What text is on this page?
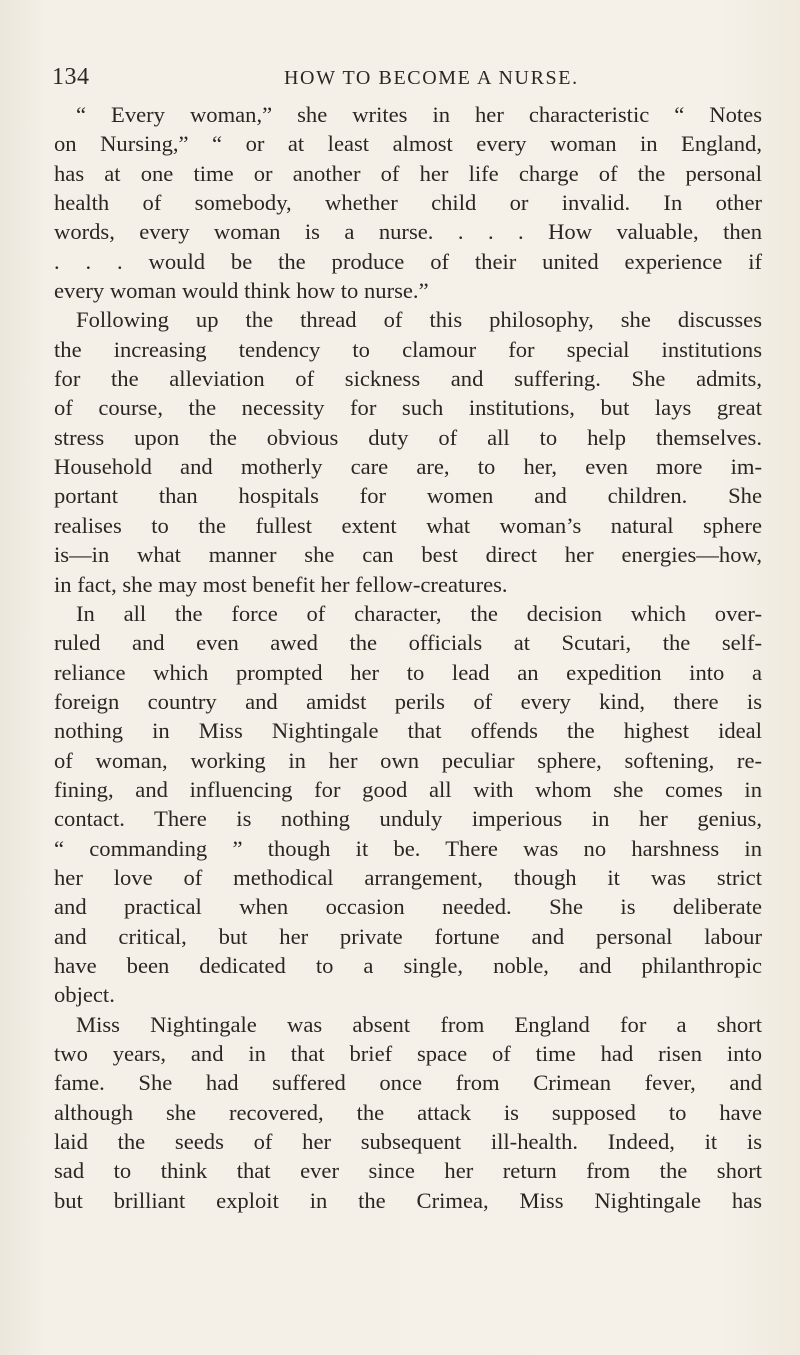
134	HOW TO BECOME A NURSE.
“ Every woman,” she writes in her characteristic “ Notes
on Nursing,” “ or at least almost every woman in England,
has at one time or another of her life charge of the personal
health of somebody, whether child or invalid. In other
words, every woman is a nurse. . . . How valuable, then
. . . would be the produce of their united experience if
every woman would think how to nurse.”
Following up the thread of this philosophy, she discusses
the increasing tendency to clamour for special institutions
for the alleviation of sickness and suffering. She admits,
of course, the necessity for such institutions, but lays great
stress upon the obvious duty of all to help themselves.
Household and motherly care are, to her, even more im-
portant than hospitals for women and children. She
realises to the fullest extent what woman’s natural sphere
is—in what manner she can best direct her energies—how,
in fact, she may most benefit her fellow-creatures.
In all the force of character, the decision which over-
ruled and even awed the officials at Scutari, the self-
reliance which prompted her to lead an expedition into a
foreign country and amidst perils of every kind, there is
nothing in Miss Nightingale that offends the highest ideal
of woman, working in her own peculiar sphere, softening, re-
fining, and influencing for good all with whom she comes in
contact. There is nothing unduly imperious in her genius,
“ commanding ” though it be. There was no harshness in
her love of methodical arrangement, though it was strict
and practical when occasion needed. She is deliberate
and critical, but her private fortune and personal labour
have been dedicated to a single, noble, and philanthropic
object.
Miss Nightingale was absent from England for a short
two years, and in that brief space of time had risen into
fame. She had suffered once from Crimean fever, and
although she recovered, the attack is supposed to have
laid the seeds of her subsequent ill-health. Indeed, it is
sad to think that ever since her return from the short
but brilliant exploit in the Crimea, Miss Nightingale has
